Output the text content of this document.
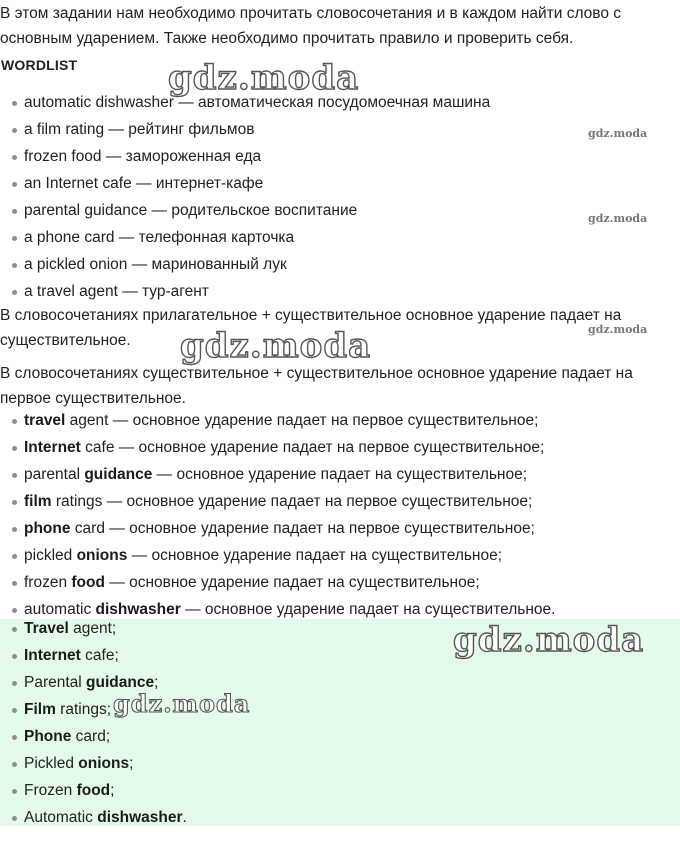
В этом задании нам необходимо прочитать словосочетания и в каждом найти слово с основным ударением. Также необходимо прочитать правило и проверить себя.

WORDLIST
automatic dishwasher — автоматическая посудомоечная машина
a film rating — рейтинг фильмов
frozen food — замороженная еда
an Internet cafe — интернет-кафе
parental guidance — родительское воспитание
a phone card — телефонная карточка
a pickled onion — маринованный лук
a travel agent — тур-агент

В словосочетаниях прилагательное + существительное основное ударение падает на существительное.

В словосочетаниях существительное + существительное основное ударение падает на первое существительное.

travel agent — основное ударение падает на первое существительное;
Internet cafe — основное ударение падает на первое существительное;
parental guidance — основное ударение падает на существительное;
film ratings — основное ударение падает на первое существительное;
phone card — основное ударение падает на первое существительное;
pickled onions — основное ударение падает на существительное;
frozen food — основное ударение падает на существительное;
automatic dishwasher — основное ударение падает на существительное.
Travel agent;
Internet cafe;
Parental guidance;
Film ratings;
Phone card;
Pickled onions;
Frozen food;
Automatic dishwasher.
gdz.moda
gdz.moda
gdz.moda
gdz.moda
gdz.moda
gdz.moda
gdz.moda
